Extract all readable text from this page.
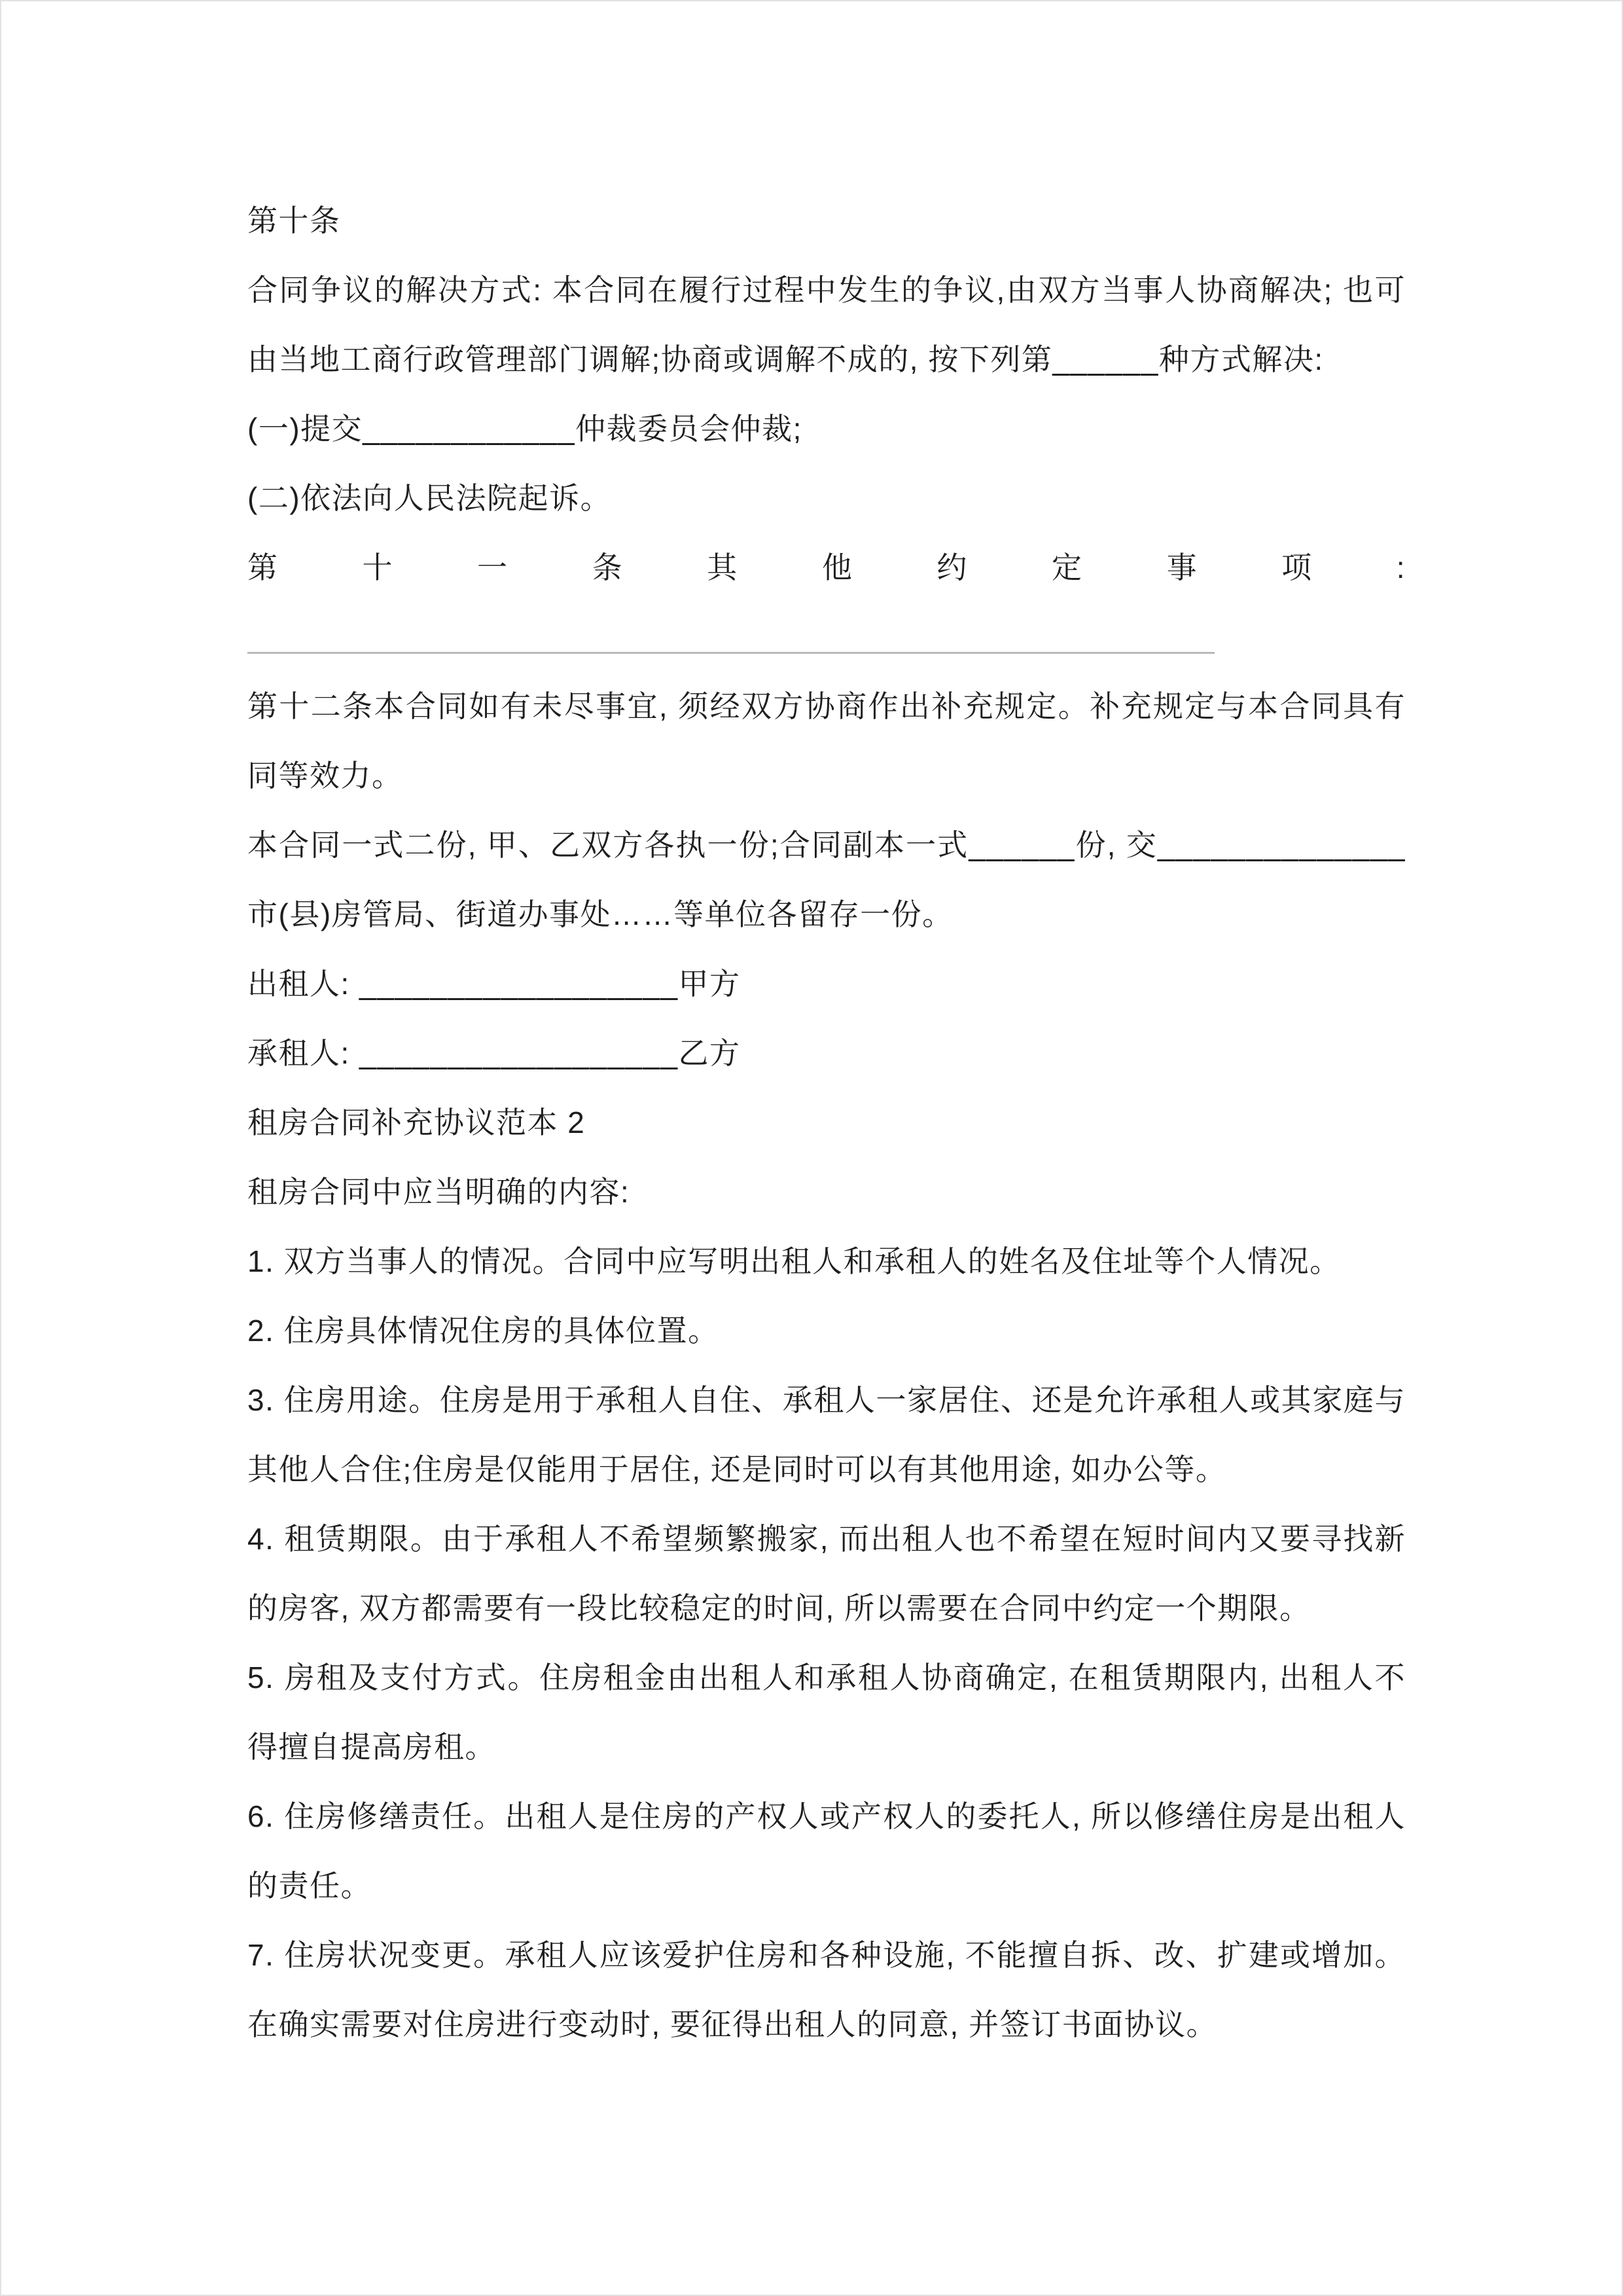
第十条

合同争议的解决方式: 本合同在履行过程中发生的争议,由双方当事人协商解决; 也可由当地工商行政管理部门调解;协商或调解不成的, 按下列第______种方式解决:

(一)提交____________仲裁委员会仲裁;

(二)依法向人民法院起诉。

第 十 一 条 其 他 约 定 事 项 :

第十二条本合同如有未尽事宜, 须经双方协商作出补充规定。补充规定与本合同具有同等效力。

本合同一式二份, 甲、乙双方各执一份;合同副本一式______份, 交______________市(县)房管局、街道办事处……等单位各留存一份。

出租人: __________________甲方

承租人: __________________乙方

租房合同补充协议范本 2

租房合同中应当明确的内容:

1. 双方当事人的情况。合同中应写明出租人和承租人的姓名及住址等个人情况。

2. 住房具体情况住房的具体位置。

3. 住房用途。住房是用于承租人自住、承租人一家居住、还是允许承租人或其家庭与其他人合住;住房是仅能用于居住, 还是同时可以有其他用途, 如办公等。

4. 租赁期限。由于承租人不希望频繁搬家, 而出租人也不希望在短时间内又要寻找新的房客, 双方都需要有一段比较稳定的时间, 所以需要在合同中约定一个期限。

5. 房租及支付方式。住房租金由出租人和承租人协商确定, 在租赁期限内, 出租人不得擅自提高房租。

6. 住房修缮责任。出租人是住房的产权人或产权人的委托人, 所以修缮住房是出租人的责任。

7. 住房状况变更。承租人应该爱护住房和各种设施, 不能擅自拆、改、扩建或增加。在确实需要对住房进行变动时, 要征得出租人的同意, 并签订书面协议。
